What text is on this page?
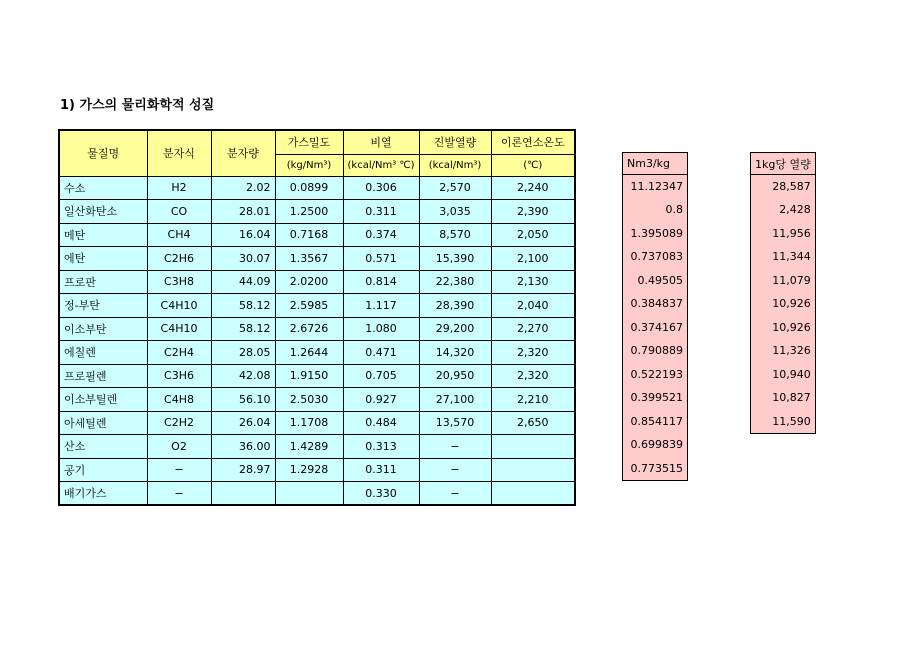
1) 가스의 물리화학적 성질
물질명	분자식	분자량	가스밀도	비열	진발열량	이론연소온도
			(kg/Nm³)	(kcal/Nm³ ℃)	(kcal/Nm³)	(℃)
수소	H2	2.02	0.0899	0.306	2,570	2,240
일산화탄소	CO	28.01	1.2500	0.311	3,035	2,390
메탄	CH4	16.04	0.7168	0.374	8,570	2,050
에탄	C2H6	30.07	1.3567	0.571	15,390	2,100
프로판	C3H8	44.09	2.0200	0.814	22,380	2,130
정-부탄	C4H10	58.12	2.5985	1.117	28,390	2,040
이소부탄	C4H10	58.12	2.6726	1.080	29,200	2,270
에칠렌	C2H4	28.05	1.2644	0.471	14,320	2,320
프로필렌	C3H6	42.08	1.9150	0.705	20,950	2,320
이소부틸렌	C4H8	56.10	2.5030	0.927	27,100	2,210
아세틸렌	C2H2	26.04	1.1708	0.484	13,570	2,650
산소	O2	36.00	1.4289	0.313	−	
공기	−	28.97	1.2928	0.311	−	
배기가스	−			0.330	−	
Nm3/kg
11.12347
0.8
1.395089
0.737083
0.49505
0.384837
0.374167
0.790889
0.522193
0.399521
0.854117
0.699839
0.773515
1kg당 열량
28,587
2,428
11,956
11,344
11,079
10,926
10,926
11,326
10,940
10,827
11,590
